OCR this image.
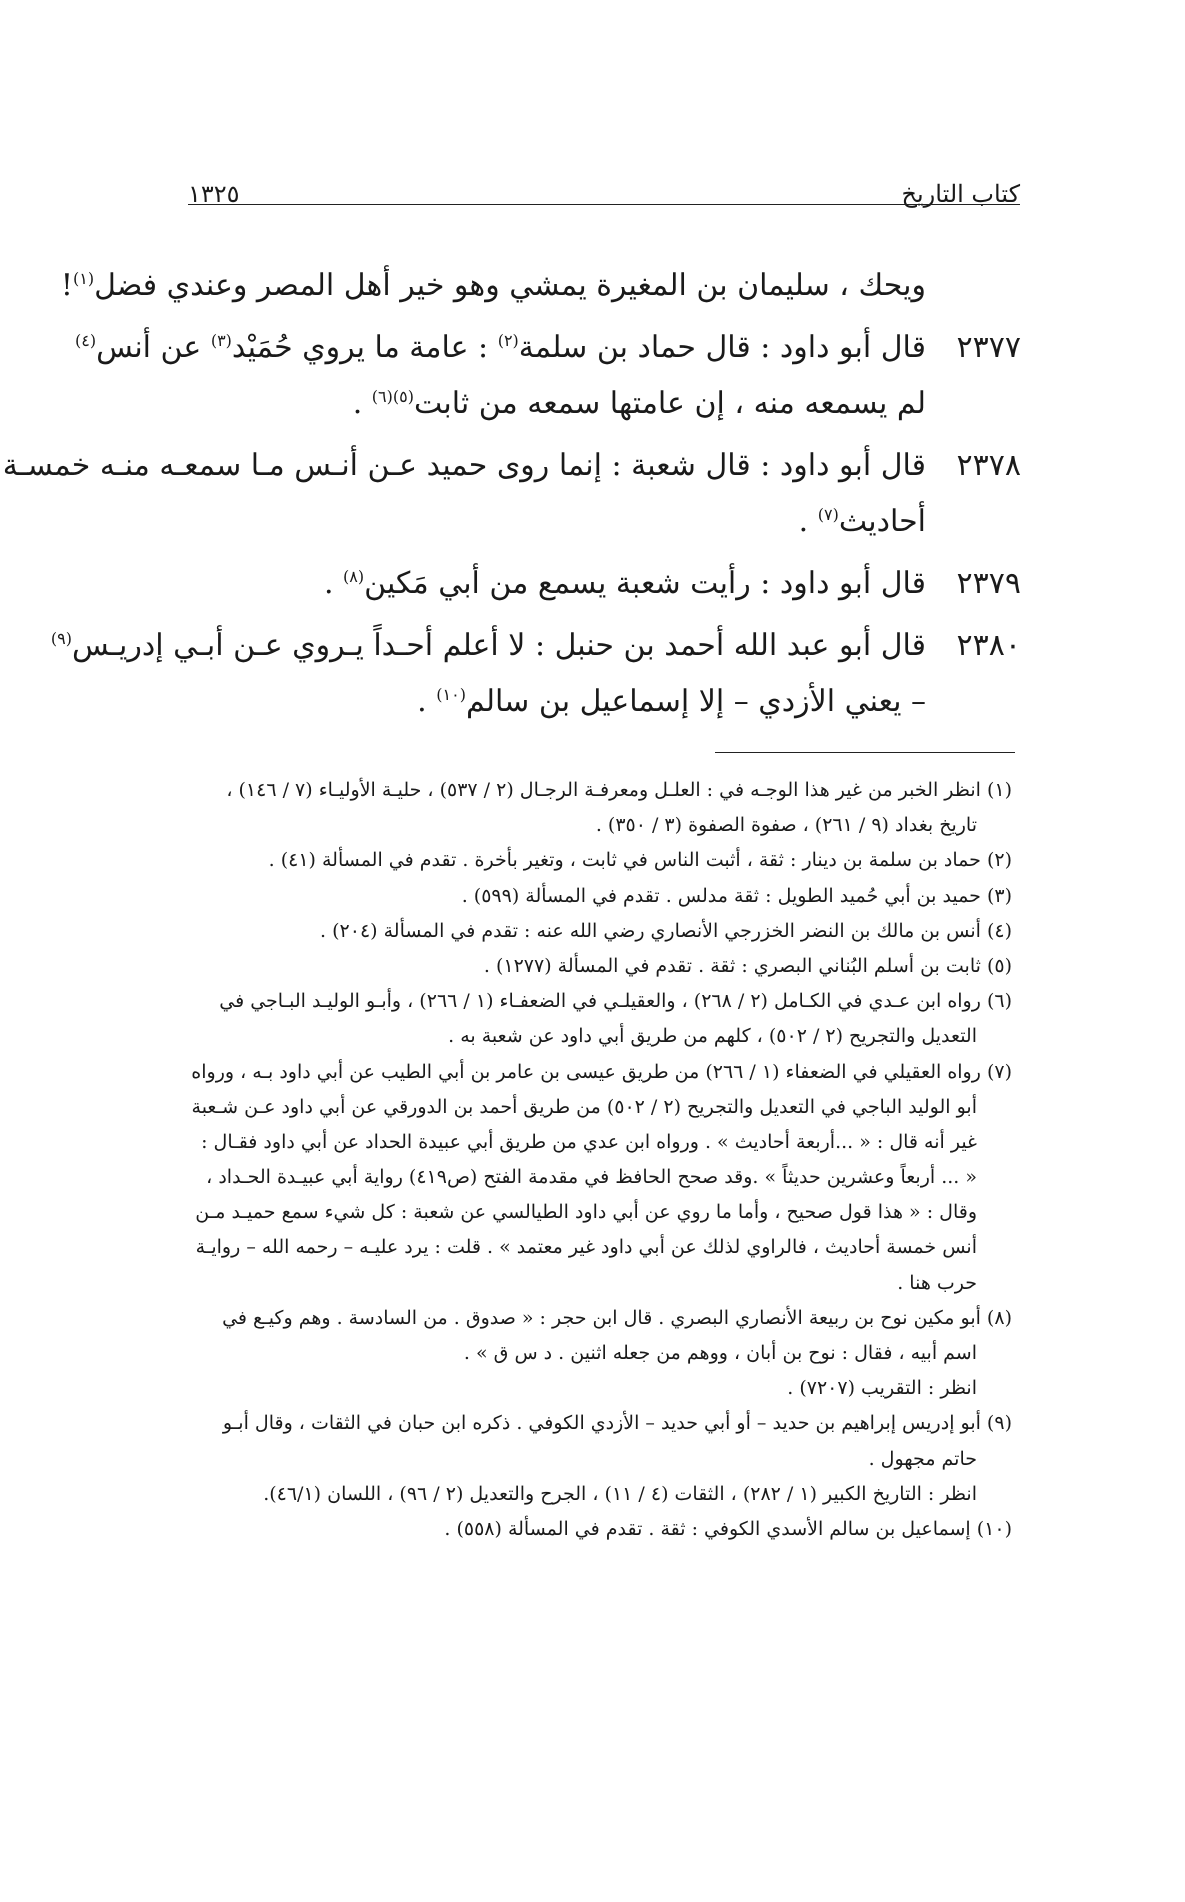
كتاب التاريخ
١٣٢٥
ويحك ، سليمان بن المغيرة يمشي وهو خير أهل المصر وعندي فضل$^{(١)}$!
٢٣٧٧
قال أبو داود : قال حماد بن سلمة$^{(٢)}$ : عامة ما يروي حُمَيْد$^{(٣)}$ عن أنس$^{(٤)}$
لم يسمعه منه ، إن عامتها سمعه من ثابت$^{(٥)(٦)}$ .
٢٣٧٨
قال أبو داود : قال شعبة : إنما روى حميد عـن أنـس مـا سمعـه منـه خمسـة
أحاديث$^{(٧)}$ .
٢٣٧٩
قال أبو داود : رأيت شعبة يسمع من أبي مَكين$^{(٨)}$ .
٢٣٨٠
قال أبو عبد الله أحمد بن حنبل : لا أعلم أحـداً يـروي عـن أبـي إدريـس$^{(٩)}$
– يعني الأزدي – إلا إسماعيل بن سالم$^{(١٠)}$ .
(١) انظر الخبر من غير هذا الوجـه في : العلـل ومعرفـة الرجـال (٢ / ٥٣٧) ، حليـة الأوليـاء (٧ / ١٤٦) ،
تاريخ بغداد (٩ / ٢٦١) ، صفوة الصفوة (٣ / ٣٥٠) .
(٢) حماد بن سلمة بن دينار : ثقة ، أثبت الناس في ثابت ، وتغير بأخرة . تقدم في المسألة (٤١) .
(٣) حميد بن أبي حُميد الطويل : ثقة مدلس . تقدم في المسألة (٥٩٩) .
(٤) أنس بن مالك بن النضر الخزرجي الأنصاري رضي الله عنه : تقدم في المسألة (٢٠٤) .
(٥) ثابت بن أسلم البُناني البصري : ثقة . تقدم في المسألة (١٢٧٧) .
(٦) رواه ابن عـدي في الكـامل (٢ / ٢٦٨) ، والعقيلـي في الضعفـاء (١ / ٢٦٦) ، وأبـو الوليـد البـاجي في
التعديل والتجريح (٢ / ٥٠٢) ، كلهم من طريق أبي داود عن شعبة به .
(٧) رواه العقيلي في الضعفاء (١ / ٢٦٦) من طريق عيسى بن عامر بن أبي الطيب عن أبي داود بـه ، ورواه
أبو الوليد الباجي في التعديل والتجريح (٢ / ٥٠٢) من طريق أحمد بن الدورقي عن أبي داود عـن شـعبة
غير أنه قال : « ...أربعة أحاديث » . ورواه ابن عدي من طريق أبي عبيدة الحداد عن أبي داود فقـال :
« ... أربعاً وعشرين حديثاً » .وقد صحح الحافظ في مقدمة الفتح (ص٤١٩) رواية أبي عبيـدة الحـداد ،
وقال : « هذا قول صحيح ، وأما ما روي عن أبي داود الطيالسي عن شعبة : كل شيء سمع حميـد مـن
أنس خمسة أحاديث ، فالراوي لذلك عن أبي داود غير معتمد » . قلت : يرد عليـه – رحمه الله – روايـة
حرب هنا .
(٨) أبو مكين نوح بن ربيعة الأنصاري البصري . قال ابن حجر : « صدوق . من السادسة . وهم وكيـع في
اسم أبيه ، فقال : نوح بن أبان ، ووهم من جعله اثنين . د س ق » .
انظر : التقريب (٧٢٠٧) .
(٩) أبو إدريس إبراهيم بن حديد – أو أبي حديد – الأزدي الكوفي . ذكره ابن حبان في الثقات ، وقال أبـو
حاتم مجهول .
انظر : التاريخ الكبير (١ / ٢٨٢) ، الثقات (٤ / ١١) ، الجرح والتعديل (٢ / ٩٦) ، اللسان (٤٦/١).
(١٠) إسماعيل بن سالم الأسدي الكوفي : ثقة . تقدم في المسألة (٥٥٨) .
